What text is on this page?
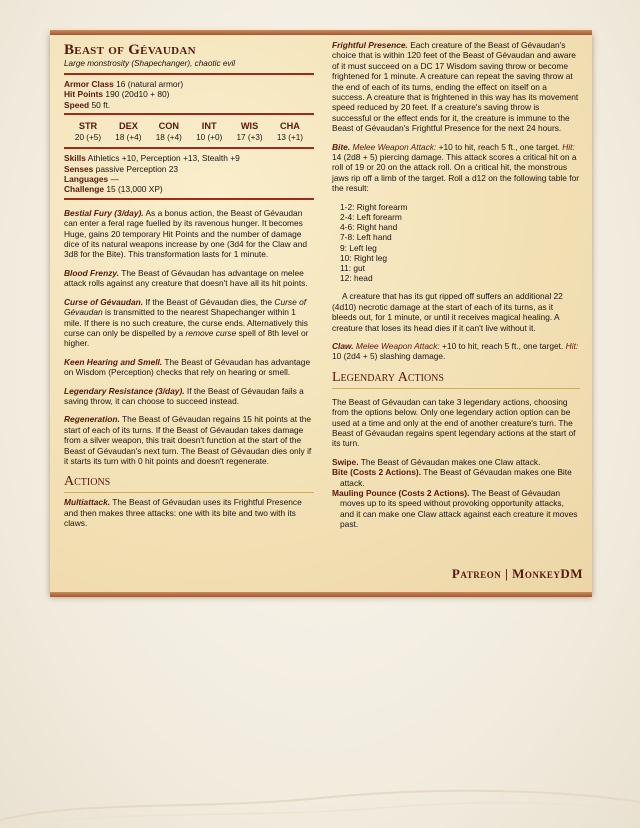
Beast of Gévaudan
Large monstrosity (Shapechanger), chaotic evil
Armor Class 16 (natural armor)
Hit Points 190 (20d10 + 80)
Speed 50 ft.
STR
20 (+5)
DEX
18 (+4)
CON
18 (+4)
INT
10 (+0)
WIS
17 (+3)
CHA
13 (+1)
Skills Athletics +10, Perception +13, Stealth +9
Senses passive Perception 23
Languages —
Challenge 15 (13,000 XP)

Bestial Fury (3/day). As a bonus action, the Beast of Gévaudan can enter a feral rage fuelled by its ravenous hunger. It becomes Huge, gains 20 temporary Hit Points and the number of damage dice of its natural weapons increase by one (3d4 for the Claw and 3d8 for the Bite). This transformation lasts for 1 minute.

Blood Frenzy. The Beast of Gévaudan has advantage on melee attack rolls against any creature that doesn't have all its hit points.

Curse of Gévaudan. If the Beast of Gévaudan dies, the Curse of Gévaudan is transmitted to the nearest Shapechanger within 1 mile. If there is no such creature, the curse ends. Alternatively this curse can only be dispelled by a remove curse spell of 8th level or higher.

Keen Hearing and Smell. The Beast of Gévaudan has advantage on Wisdom (Perception) checks that rely on hearing or smell.

Legendary Resistance (3/day). If the Beast of Gévaudan fails a saving throw, it can choose to succeed instead.

Regeneration. The Beast of Gévaudan regains 15 hit points at the start of each of its turns. If the Beast of Gévaudan takes damage from a silver weapon, this trait doesn't function at the start of the Beast of Gévaudan's next turn. The Beast of Gévaudan dies only if it starts its turn with 0 hit points and doesn't regenerate.

Actions

Multiattack. The Beast of Gévaudan uses its Frightful Presence and then makes three attacks: one with its bite and two with its claws.

Frightful Presence. Each creature of the Beast of Gévaudan's choice that is within 120 feet of the Beast of Gévaudan and aware of it must succeed on a DC 17 Wisdom saving throw or become frightened for 1 minute. A creature can repeat the saving throw at the end of each of its turns, ending the effect on itself on a success. A creature that is frightened in this way has its movement speed reduced by 20 feet. If a creature's saving throw is successful or the effect ends for it, the creature is immune to the Beast of Gévaudan's Frightful Presence for the next 24 hours.

Bite. Melee Weapon Attack: +10 to hit, reach 5 ft., one target. Hit: 14 (2d8 + 5) piercing damage. This attack scores a critical hit on a roll of 19 or 20 on the attack roll. On a critical hit, the monstrous jaws rip off a limb of the target. Roll a d12 on the following table for the result:

1-2: Right forearm
2-4: Left forearm
4-6: Right hand
7-8: Left hand
9: Left leg
10: Right leg
11: gut
12: head

A creature that has its gut ripped off suffers an additional 22 (4d10) necrotic damage at the start of each of its turns, as it bleeds out, for 1 minute, or until it receives magical healing. A creature that loses its head dies if it can't live without it.

Claw. Melee Weapon Attack: +10 to hit, reach 5 ft., one target. Hit: 10 (2d4 + 5) slashing damage.

Legendary Actions

The Beast of Gévaudan can take 3 legendary actions, choosing from the options below. Only one legendary action option can be used at a time and only at the end of another creature's turn. The Beast of Gévaudan regains spent legendary actions at the start of its turn.

Swipe. The Beast of Gévaudan makes one Claw attack.

Bite (Costs 2 Actions). The Beast of Gévaudan makes one Bite attack.

Mauling Pounce (Costs 2 Actions). The Beast of Gévaudan moves up to its speed without provoking opportunity attacks, and it can make one Claw attack against each creature it moves past.

Patreon | MonkeyDM
